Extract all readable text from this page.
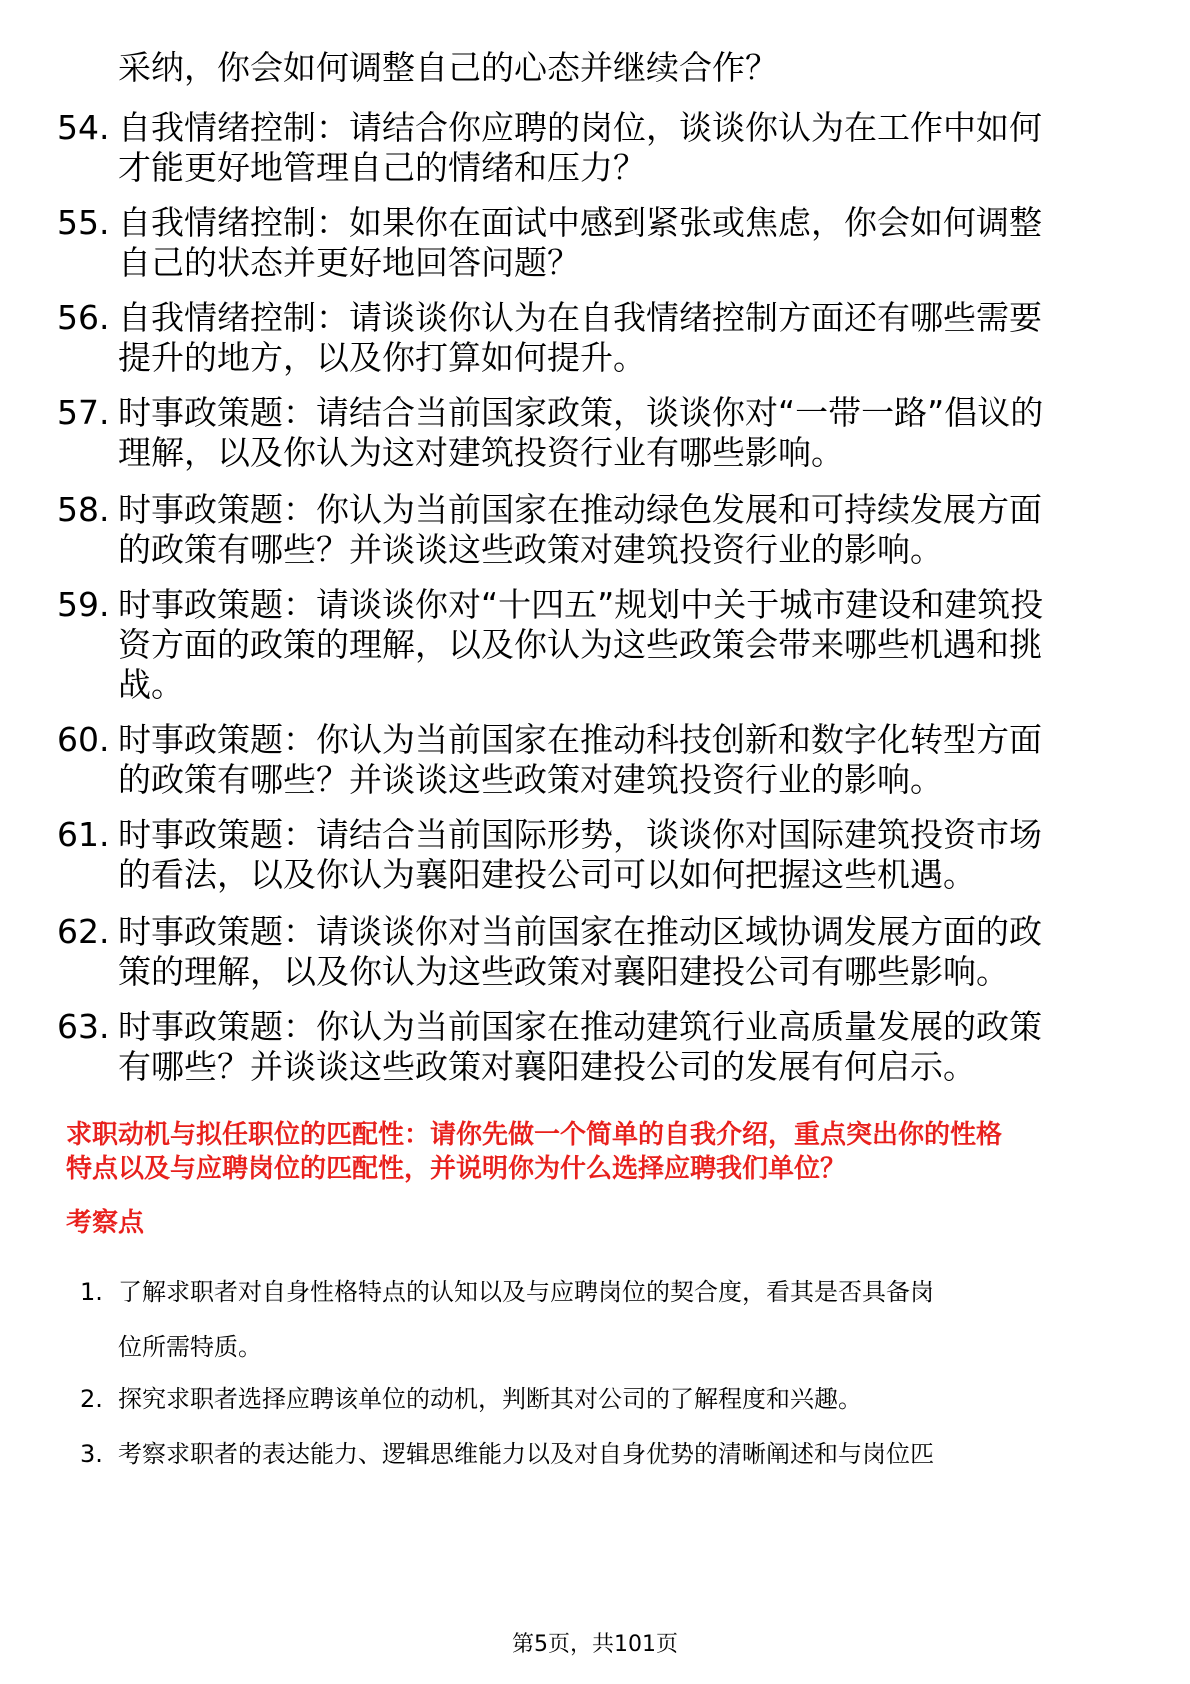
采纳，你会如何调整自己的心态并继续合作？
54. 自我情绪控制：请结合你应聘的岗位，谈谈你认为在工作中如何
才能更好地管理自己的情绪和压力？
55. 自我情绪控制：如果你在面试中感到紧张或焦虑，你会如何调整
自己的状态并更好地回答问题？
56. 自我情绪控制：请谈谈你认为在自我情绪控制方面还有哪些需要
提升的地方，以及你打算如何提升。
57. 时事政策题：请结合当前国家政策，谈谈你对“一带一路”倡议的
理解，以及你认为这对建筑投资行业有哪些影响。
58. 时事政策题：你认为当前国家在推动绿色发展和可持续发展方面
的政策有哪些？并谈谈这些政策对建筑投资行业的影响。
59. 时事政策题：请谈谈你对“十四五”规划中关于城市建设和建筑投
资方面的政策的理解，以及你认为这些政策会带来哪些机遇和挑
战。
60. 时事政策题：你认为当前国家在推动科技创新和数字化转型方面
的政策有哪些？并谈谈这些政策对建筑投资行业的影响。
61. 时事政策题：请结合当前国际形势，谈谈你对国际建筑投资市场
的看法，以及你认为襄阳建投公司可以如何把握这些机遇。
62. 时事政策题：请谈谈你对当前国家在推动区域协调发展方面的政
策的理解，以及你认为这些政策对襄阳建投公司有哪些影响。
63. 时事政策题：你认为当前国家在推动建筑行业高质量发展的政策
有哪些？并谈谈这些政策对襄阳建投公司的发展有何启示。
求职动机与拟任职位的匹配性：请你先做一个简单的自我介绍，重点突出你的性格
特点以及与应聘岗位的匹配性，并说明你为什么选择应聘我们单位？
考察点
1. 了解求职者对自身性格特点的认知以及与应聘岗位的契合度，看其是否具备岗
位所需特质。
2. 探究求职者选择应聘该单位的动机，判断其对公司的了解程度和兴趣。
3. 考察求职者的表达能力、逻辑思维能力以及对自身优势的清晰阐述和与岗位匹
第5页，共101页
